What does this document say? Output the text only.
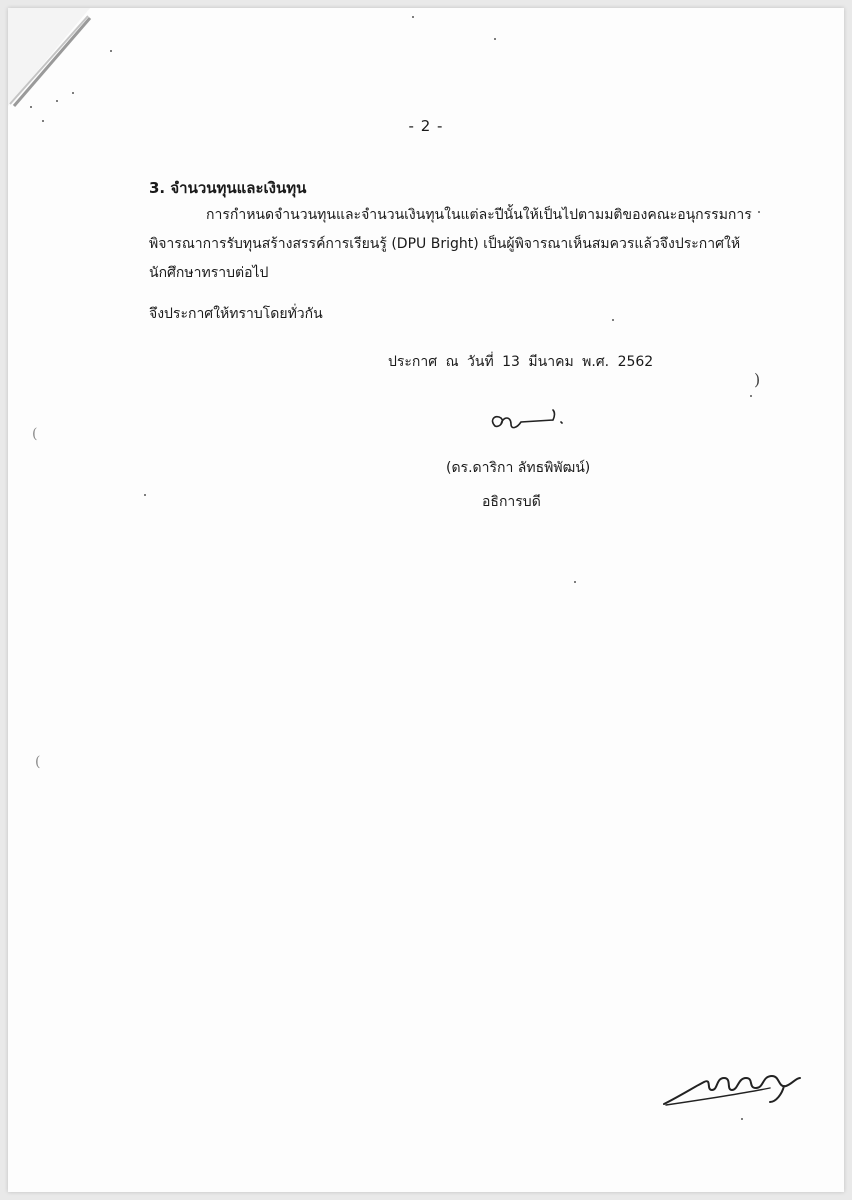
- 2 -
3. จำนวนทุนและเงินทุน
การกำหนดจำนวนทุนและจำนวนเงินทุนในแต่ละปีนั้นให้เป็นไปตามมติของคณะอนุกรรมการ
พิจารณาการรับทุนสร้างสรรค์การเรียนรู้ (DPU Bright) เป็นผู้พิจารณาเห็นสมควรแล้วจึงประกาศให้
นักศึกษาทราบต่อไป
จึงประกาศให้ทราบโดยทั่วกัน
ประกาศ ณ วันที่ 13 มีนาคม พ.ศ. 2562
(ดร.ดาริกา ลัทธพิพัฒน์)
อธิการบดี
(
(
)
